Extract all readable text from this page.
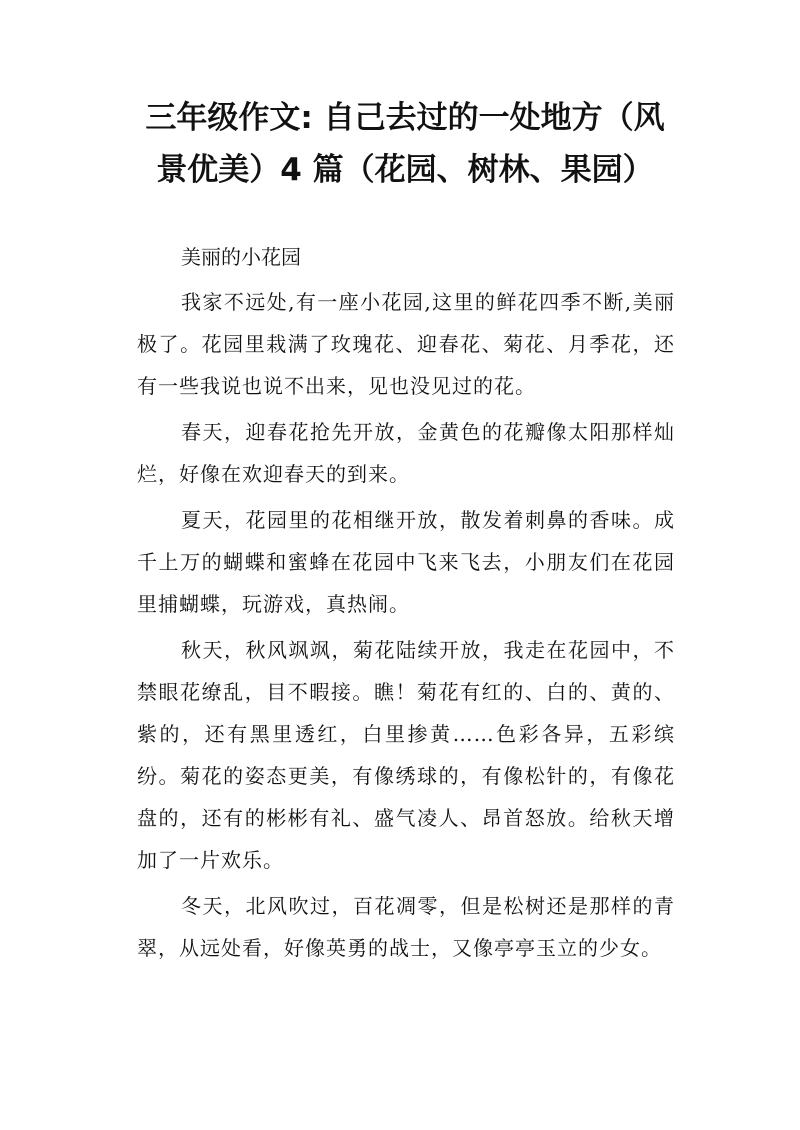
三年级作文: 自己去过的一处地方（风
景优美）4 篇（花园、树林、果园）

美丽的小花园

我家不远处,有一座小花园,这里的鲜花四季不断,美丽极了。花园里栽满了玫瑰花、迎春花、菊花、月季花，还有一些我说也说不出来，见也没见过的花。

春天，迎春花抢先开放，金黄色的花瓣像太阳那样灿烂，好像在欢迎春天的到来。

夏天，花园里的花相继开放，散发着刺鼻的香味。成千上万的蝴蝶和蜜蜂在花园中飞来飞去，小朋友们在花园里捕蝴蝶，玩游戏，真热闹。

秋天，秋风飒飒，菊花陆续开放，我走在花园中，不禁眼花缭乱，目不暇接。瞧！菊花有红的、白的、黄的、紫的，还有黑里透红，白里掺黄……色彩各异，五彩缤纷。菊花的姿态更美，有像绣球的，有像松针的，有像花盘的，还有的彬彬有礼、盛气凌人、昂首怒放。给秋天增加了一片欢乐。

冬天，北风吹过，百花凋零，但是松树还是那样的青翠，从远处看，好像英勇的战士，又像亭亭玉立的少女。
